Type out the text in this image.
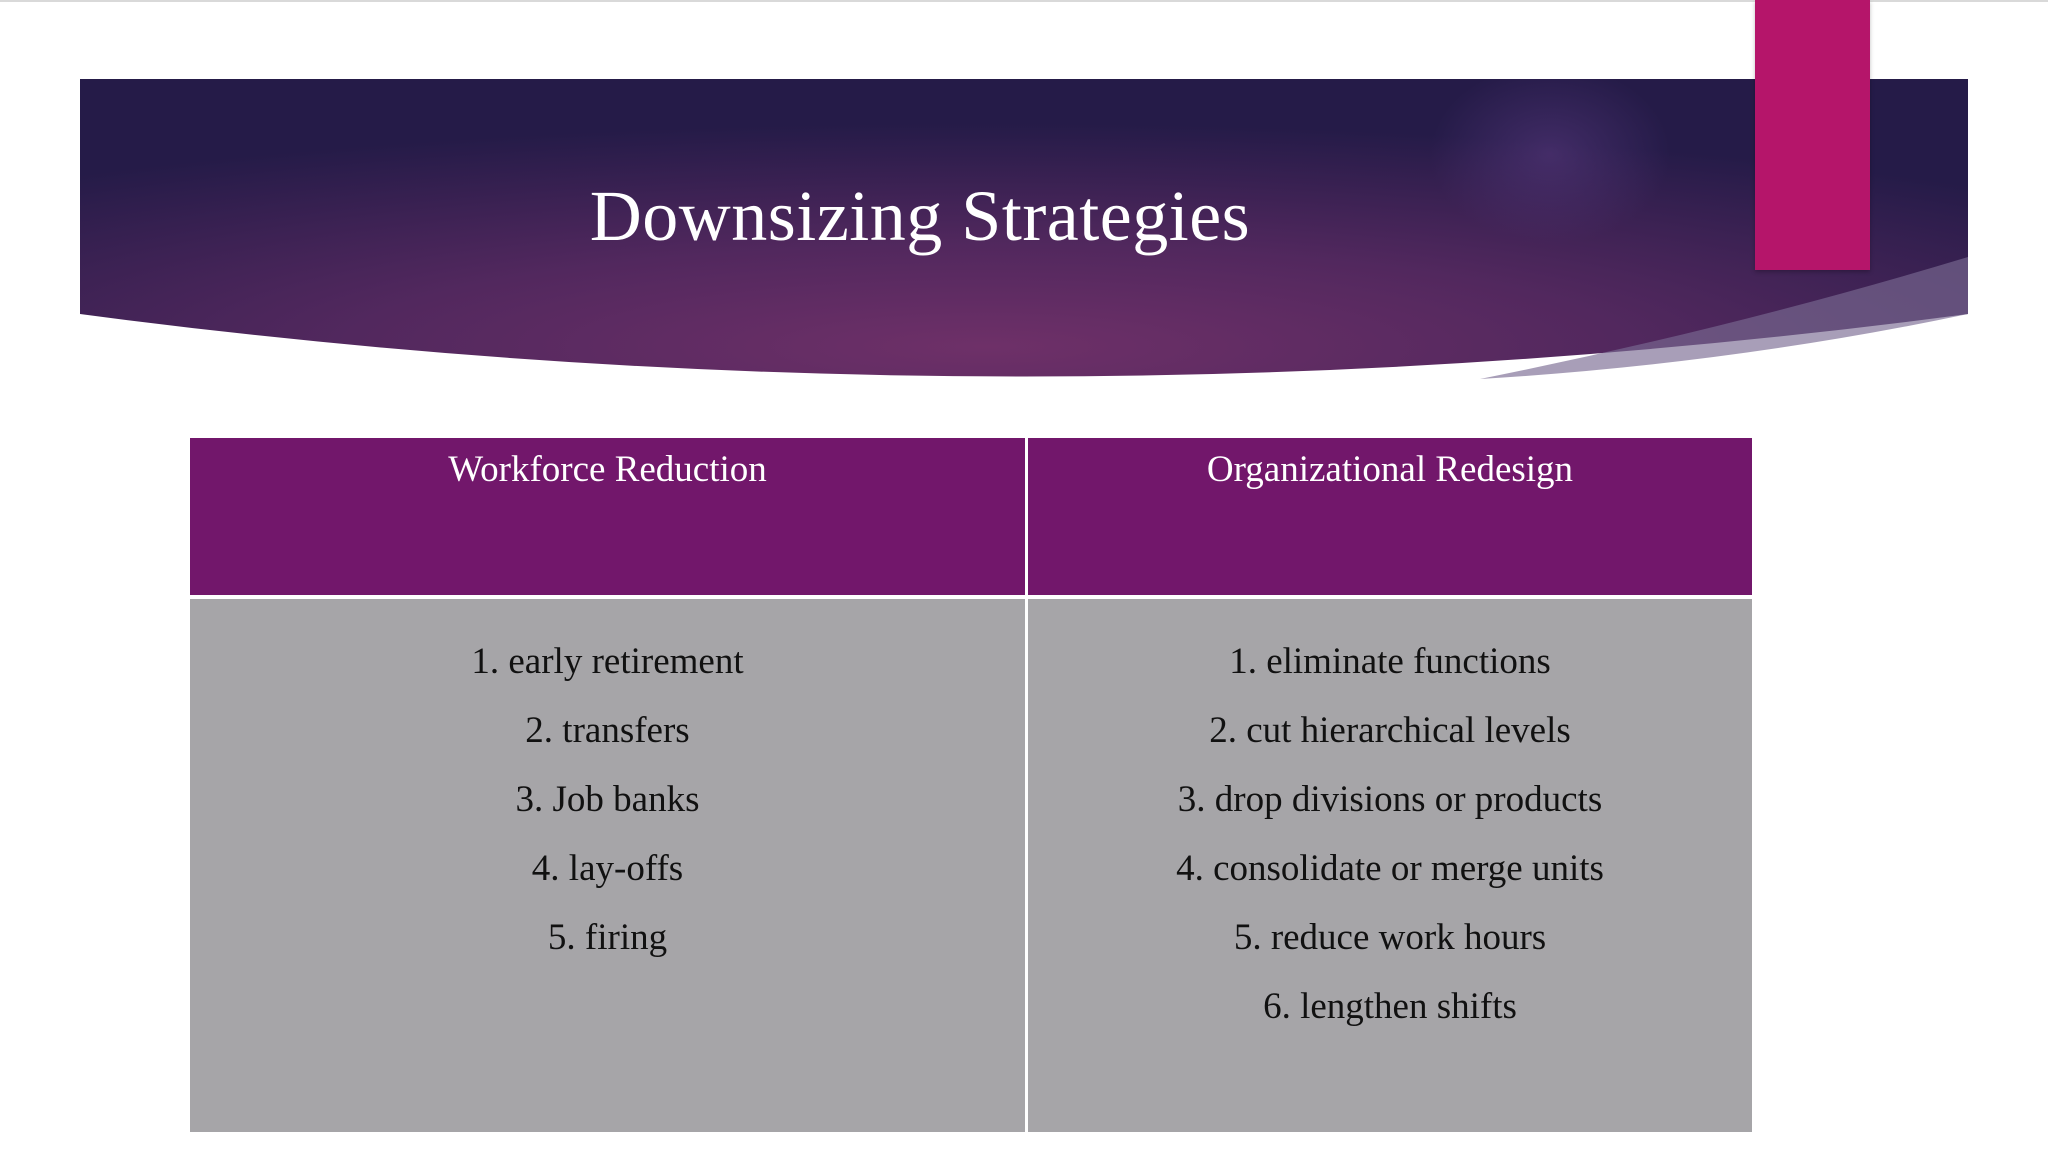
Downsizing Strategies
Workforce Reduction	Organizational Redesign
1. early retirement
2. transfers
3. Job banks
4. lay-offs
5. firing
1. eliminate functions
2. cut hierarchical levels
3. drop divisions or products
4. consolidate or merge units
5. reduce work hours
6. lengthen shifts
